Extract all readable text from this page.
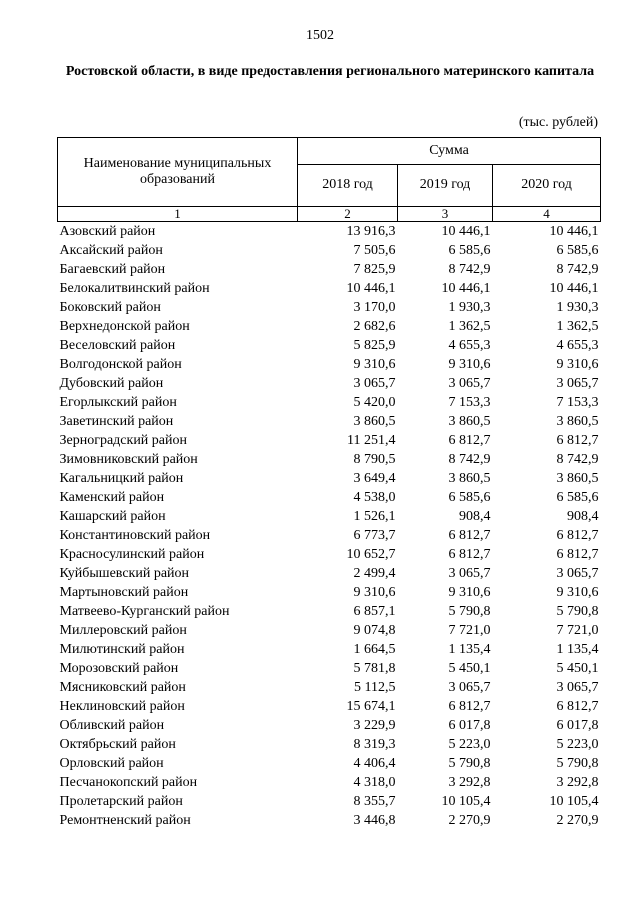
1502
Ростовской области, в виде предоставления регионального материнского капитала
(тыс. рублей)
Наименование муниципальных образований	Сумма		
	2018 год	2019 год	2020 год
1	2	3	4
Азовский район	13 916,3	10 446,1	10 446,1
Аксайский район	7 505,6	6 585,6	6 585,6
Багаевский район	7 825,9	8 742,9	8 742,9
Белокалитвинский район	10 446,1	10 446,1	10 446,1
Боковский район	3 170,0	1 930,3	1 930,3
Верхнедонской район	2 682,6	1 362,5	1 362,5
Веселовский район	5 825,9	4 655,3	4 655,3
Волгодонской район	9 310,6	9 310,6	9 310,6
Дубовский район	3 065,7	3 065,7	3 065,7
Егорлыкский район	5 420,0	7 153,3	7 153,3
Заветинский район	3 860,5	3 860,5	3 860,5
Зерноградский район	11 251,4	6 812,7	6 812,7
Зимовниковский район	8 790,5	8 742,9	8 742,9
Кагальницкий район	3 649,4	3 860,5	3 860,5
Каменский район	4 538,0	6 585,6	6 585,6
Кашарский район	1 526,1	908,4	908,4
Константиновский район	6 773,7	6 812,7	6 812,7
Красносулинский район	10 652,7	6 812,7	6 812,7
Куйбышевский район	2 499,4	3 065,7	3 065,7
Мартыновский район	9 310,6	9 310,6	9 310,6
Матвеево-Курганский район	6 857,1	5 790,8	5 790,8
Миллеровский район	9 074,8	7 721,0	7 721,0
Милютинский район	1 664,5	1 135,4	1 135,4
Морозовский район	5 781,8	5 450,1	5 450,1
Мясниковский район	5 112,5	3 065,7	3 065,7
Неклиновский район	15 674,1	6 812,7	6 812,7
Обливский район	3 229,9	6 017,8	6 017,8
Октябрьский район	8 319,3	5 223,0	5 223,0
Орловский район	4 406,4	5 790,8	5 790,8
Песчанокопский район	4 318,0	3 292,8	3 292,8
Пролетарский район	8 355,7	10 105,4	10 105,4
Ремонтненский район	3 446,8	2 270,9	2 270,9
